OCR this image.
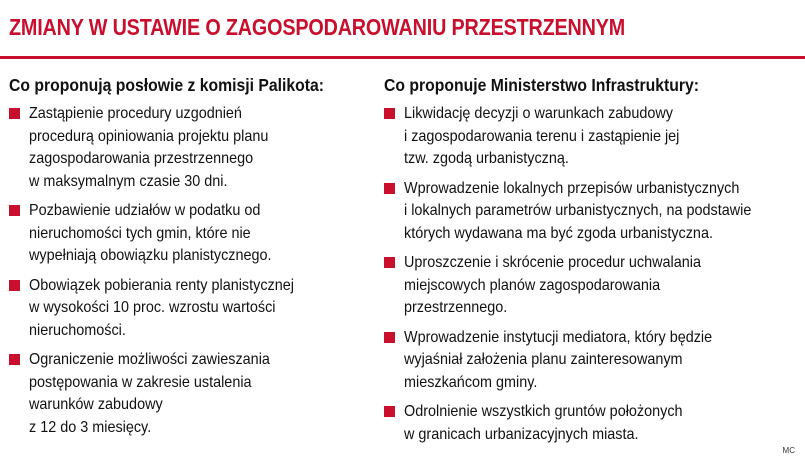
ZMIANY W USTAWIE O ZAGOSPODAROWANIU PRZESTRZENNYM
Co proponują posłowie z komisji Palikota:
Zastąpienie procedury uzgodnień
procedurą opiniowania projektu planu
zagospodarowania przestrzennego
w maksymalnym czasie 30 dni.
Pozbawienie udziałów w podatku od
nieruchomości tych gmin, które nie
wypełniają obowiązku planistycznego.
Obowiązek pobierania renty planistycznej
w wysokości 10 proc. wzrostu wartości
nieruchomości.
Ograniczenie możliwości zawieszania
postępowania w zakresie ustalenia
warunków zabudowy
z 12 do 3 miesięcy.
Co proponuje Ministerstwo Infrastruktury:
Likwidację decyzji o warunkach zabudowy
i zagospodarowania terenu i zastąpienie jej
tzw. zgodą urbanistyczną.
Wprowadzenie lokalnych przepisów urbanistycznych
i lokalnych parametrów urbanistycznych, na podstawie
których wydawana ma być zgoda urbanistyczna.
Uproszczenie i skrócenie procedur uchwalania
miejscowych planów zagospodarowania
przestrzennego.
Wprowadzenie instytucji mediatora, który będzie
wyjaśniał założenia planu zainteresowanym
mieszkańcom gminy.
Odrolnienie wszystkich gruntów położonych
w granicach urbanizacyjnych miasta.
MC
